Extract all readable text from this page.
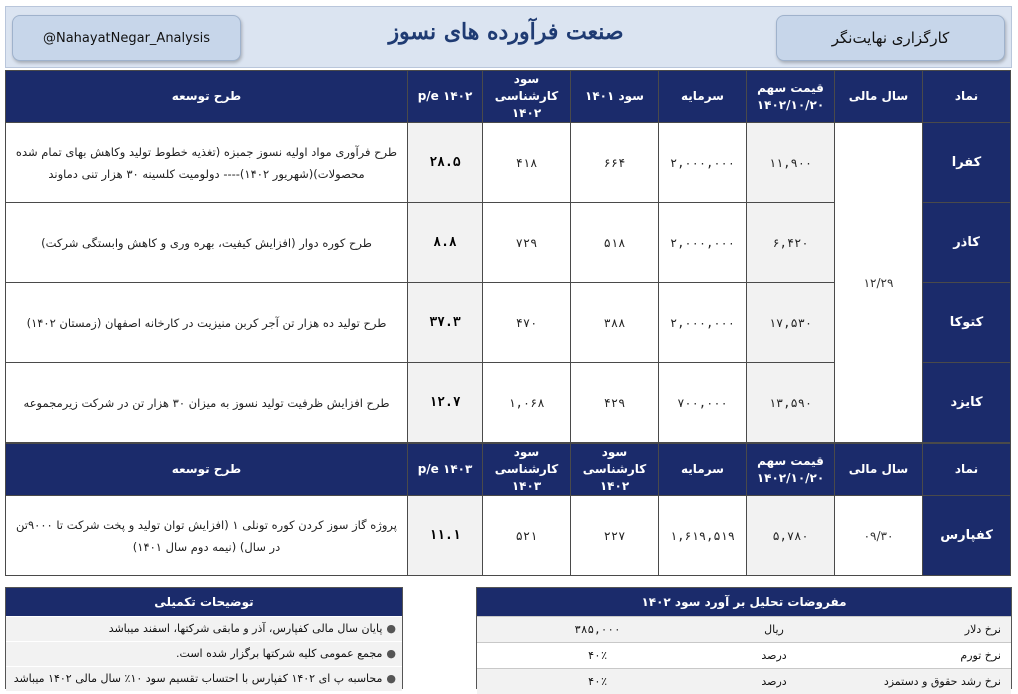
@NahayatNegar_Analysis	صنعت فرآورده های نسوز	کارگزاری نهایت‌نگر
نماد	سال مالی	قیمت سهم ۱۴۰۲/۱۰/۲۰	سرمایه	سود ۱۴۰۱	سود کارشناسی ۱۴۰۲	p/e ۱۴۰۲	طرح توسعه
کفرا	۱۲/۲۹	۱۱,۹۰۰	۲,۰۰۰,۰۰۰	۶۶۴	۴۱۸	۲۸.۵	طرح فرآوری مواد اولیه نسوز جمبزه (تغذیه خطوط تولید وکاهش بهای تمام شده محصولات)(شهریور ۱۴۰۲)---- دولومیت کلسینه ۳۰ هزار تنی دماوند
کاذر		۶,۴۲۰	۲,۰۰۰,۰۰۰	۵۱۸	۷۲۹	۸.۸	طرح کوره دوار (افزایش کیفیت، بهره وری و کاهش وابستگی شرکت)
کتوکا		۱۷,۵۳۰	۲,۰۰۰,۰۰۰	۳۸۸	۴۷۰	۳۷.۳	طرح تولید ده هزار تن آجر کربن منیزیت در کارخانه اصفهان (زمستان ۱۴۰۲)
کایزد		۱۳,۵۹۰	۷۰۰,۰۰۰	۴۲۹	۱,۰۶۸	۱۲.۷	طرح افزایش ظرفیت تولید نسوز به میزان ۳۰ هزار تن در شرکت زیرمجموعه
نماد	سال مالی	قیمت سهم ۱۴۰۲/۱۰/۲۰	سرمایه	سود کارشناسی ۱۴۰۲	سود کارشناسی ۱۴۰۳	p/e ۱۴۰۳	طرح توسعه
کفپارس	۰۹/۳۰	۵,۷۸۰	۱,۶۱۹,۵۱۹	۲۲۷	۵۲۱	۱۱.۱	پروژه گاز سوز کردن کوره تونلی ۱ (افزایش توان تولید و پخت شرکت تا ۹۰۰۰تن در سال) (نیمه دوم سال ۱۴۰۱)
مفروضات تحلیل بر آورد سود ۱۴۰۲
نرخ دلار	ریال	۳۸۵,۰۰۰
نرخ تورم	درصد	۴۰٪
نرخ رشد حقوق و دستمزد	درصد	۴۰٪
توضیحات تکمیلی
●پایان سال مالی کفپارس، آذر و مابقی شرکتها، اسفند میباشد
●مجمع عمومی کلیه شرکتها برگزار شده است.
●محاسبه پ ای ۱۴۰۲ کفپارس با احتساب تقسیم سود ۱۰٪ سال مالی ۱۴۰۲ میباشد
